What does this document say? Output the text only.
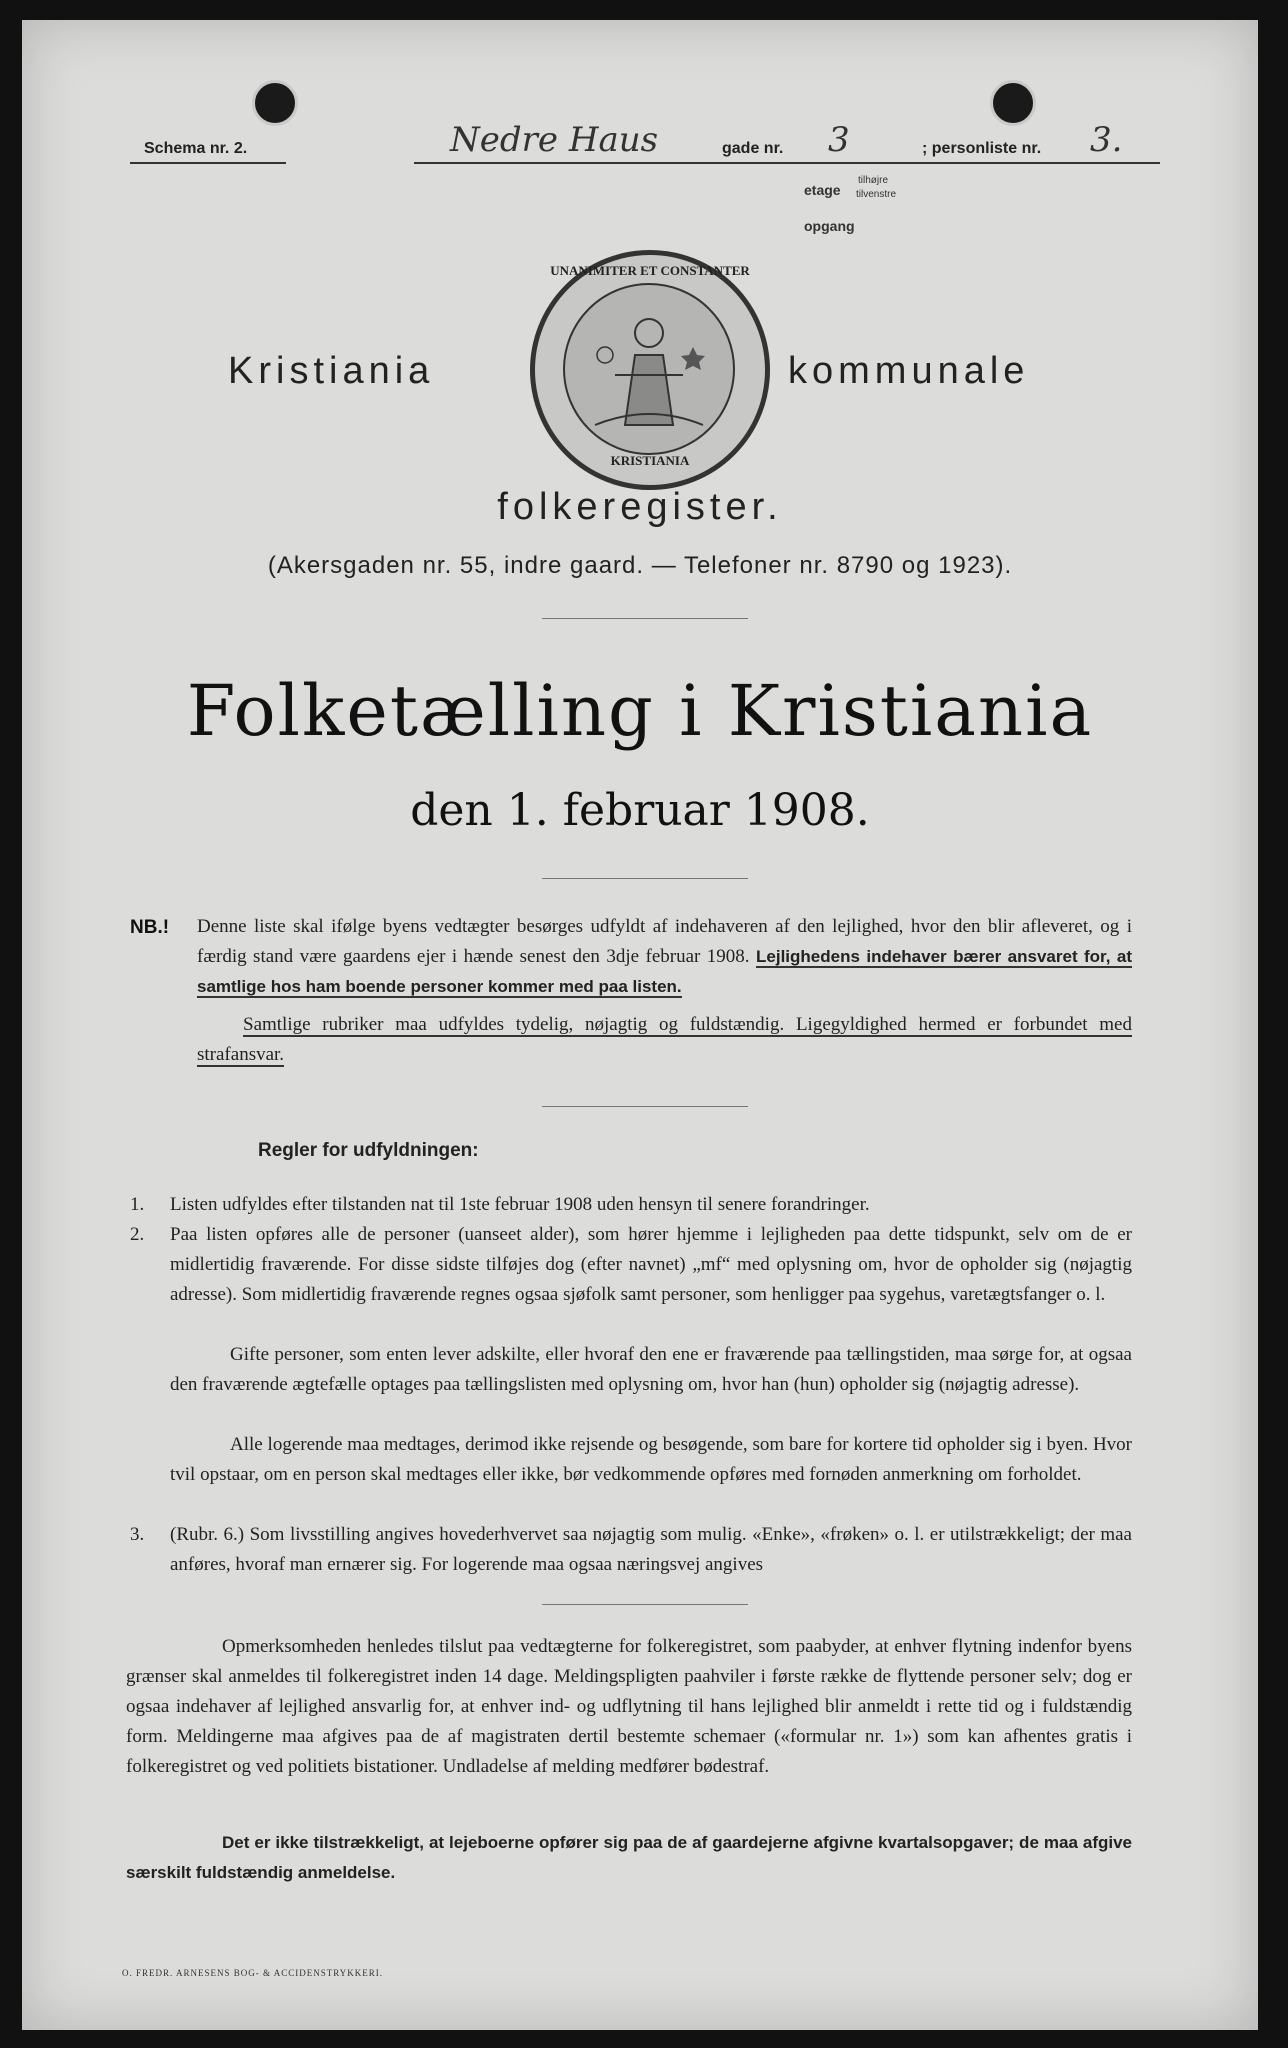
Schema nr. 2.	Nedre Haus	gade nr. 3	; personliste nr. 3.
etage
tilhøjre
tilvenstre
opgang
Kristiania	kommunale
UNANIMITER ET CONSTANTER
KRISTIANIA
folkeregister.
(Akersgaden nr. 55, indre gaard. — Telefoner nr. 8790 og 1923).
Folketælling i Kristiania
den 1. februar 1908.
NB.! Denne liste skal ifølge byens vedtægter besørges udfyldt af indehaveren af den lejlighed, hvor den blir afleveret, og i færdig stand være gaardens ejer i hænde senest den 3dje februar 1908. Lejlighedens indehaver bærer ansvaret for, at samtlige hos ham boende personer kommer med paa listen.
Samtlige rubriker maa udfyldes tydelig, nøjagtig og fuldstændig. Ligegyldighed hermed er forbundet med strafansvar.
Regler for udfyldningen:
1. Listen udfyldes efter tilstanden nat til 1ste februar 1908 uden hensyn til senere forandringer.
2. Paa listen opføres alle de personer (uanseet alder), som hører hjemme i lejligheden paa dette tidspunkt, selv om de er midlertidig fraværende. For disse sidste tilføjes dog (efter navnet) „mf“ med oplysning om, hvor de opholder sig (nøjagtig adresse). Som midlertidig fraværende regnes ogsaa sjøfolk samt personer, som henligger paa sygehus, varetægtsfanger o. l.
Gifte personer, som enten lever adskilte, eller hvoraf den ene er fraværende paa tællingstiden, maa sørge for, at ogsaa den fraværende ægtefælle optages paa tællingslisten med oplysning om, hvor han (hun) opholder sig (nøjagtig adresse).
Alle logerende maa medtages, derimod ikke rejsende og besøgende, som bare for kortere tid opholder sig i byen. Hvor tvil opstaar, om en person skal medtages eller ikke, bør vedkommende opføres med fornøden anmerkning om forholdet.
3. (Rubr. 6.) Som livsstilling angives hovederhvervet saa nøjagtig som mulig. «Enke», «frøken» o. l. er utilstrækkeligt; der maa anføres, hvoraf man ernærer sig. For logerende maa ogsaa næringsvej angives
Opmerksomheden henledes tilslut paa vedtægterne for folkeregistret, som paabyder, at enhver flytning indenfor byens grænser skal anmeldes til folkeregistret inden 14 dage. Meldingspligten paahviler i første række de flyttende personer selv; dog er ogsaa indehaver af lejlighed ansvarlig for, at enhver ind- og udflytning til hans lejlighed blir anmeldt i rette tid og i fuldstændig form. Meldingerne maa afgives paa de af magistraten dertil bestemte schemaer («formular nr. 1») som kan afhentes gratis i folkeregistret og ved politiets bistationer. Undladelse af melding medfører bødestraf.
Det er ikke tilstrækkeligt, at lejeboerne opfører sig paa de af gaardejerne afgivne kvartalsopgaver; de maa afgive særskilt fuldstændig anmeldelse.
O. FREDR. ARNESENS BOG- & ACCIDENSTRYKKERI.
